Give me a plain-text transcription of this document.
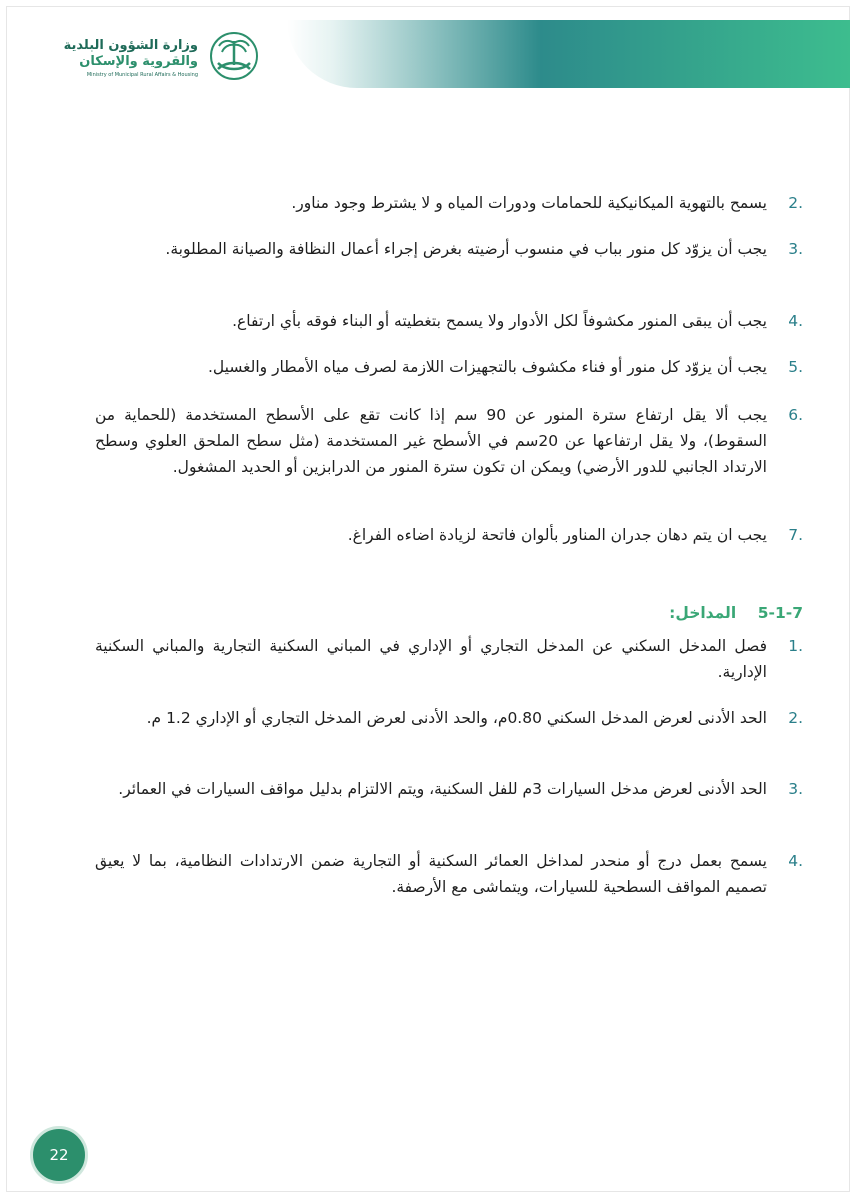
وزارة الشؤون البلدية
والقروية والإسكان
Ministry of Municipal Rural Affairs & Housing
2.
يسمح بالتهوية الميكانيكية للحمامات ودورات المياه و لا يشترط وجود مناور.
3.
يجب أن يزوّد كل منور بباب في منسوب أرضيته بغرض إجراء أعمال النظافة والصيانة المطلوبة.
4.
يجب أن يبقى المنور مكشوفاً لكل الأدوار ولا يسمح بتغطيته أو البناء فوقه بأي ارتفاع.
5.
يجب أن يزوّد كل منور أو فناء مكشوف بالتجهيزات اللازمة لصرف مياه الأمطار والغسيل.
6.
يجب ألا يقل ارتفاع سترة المنور عن 90 سم إذا كانت تقع على الأسطح المستخدمة (للحماية من السقوط)، ولا يقل ارتفاعها عن 20سم في الأسطح غير المستخدمة (مثل سطح الملحق العلوي وسطح الارتداد الجانبي للدور الأرضي) ويمكن ان تكون سترة المنور من الدرابزين أو الحديد المشغول.
7.
يجب ان يتم دهان جدران المناور بألوان فاتحة لزيادة اضاءه الفراغ.
5-1-7    المداخل:
1.
فصل المدخل السكني عن المدخل التجاري أو الإداري في المباني السكنية التجارية والمباني السكنية الإدارية.
2.
الحد الأدنى لعرض المدخل السكني 0.80م، والحد الأدنى لعرض المدخل التجاري أو الإداري 1.2 م.
3.
الحد الأدنى لعرض مدخل السيارات 3م للفل السكنية، ويتم الالتزام بدليل مواقف السيارات في العمائر.
4.
يسمح بعمل درج أو منحدر لمداخل العمائر السكنية أو التجارية ضمن الارتدادات النظامية، بما لا يعيق تصميم المواقف السطحية للسيارات، ويتماشى مع الأرصفة.
22
